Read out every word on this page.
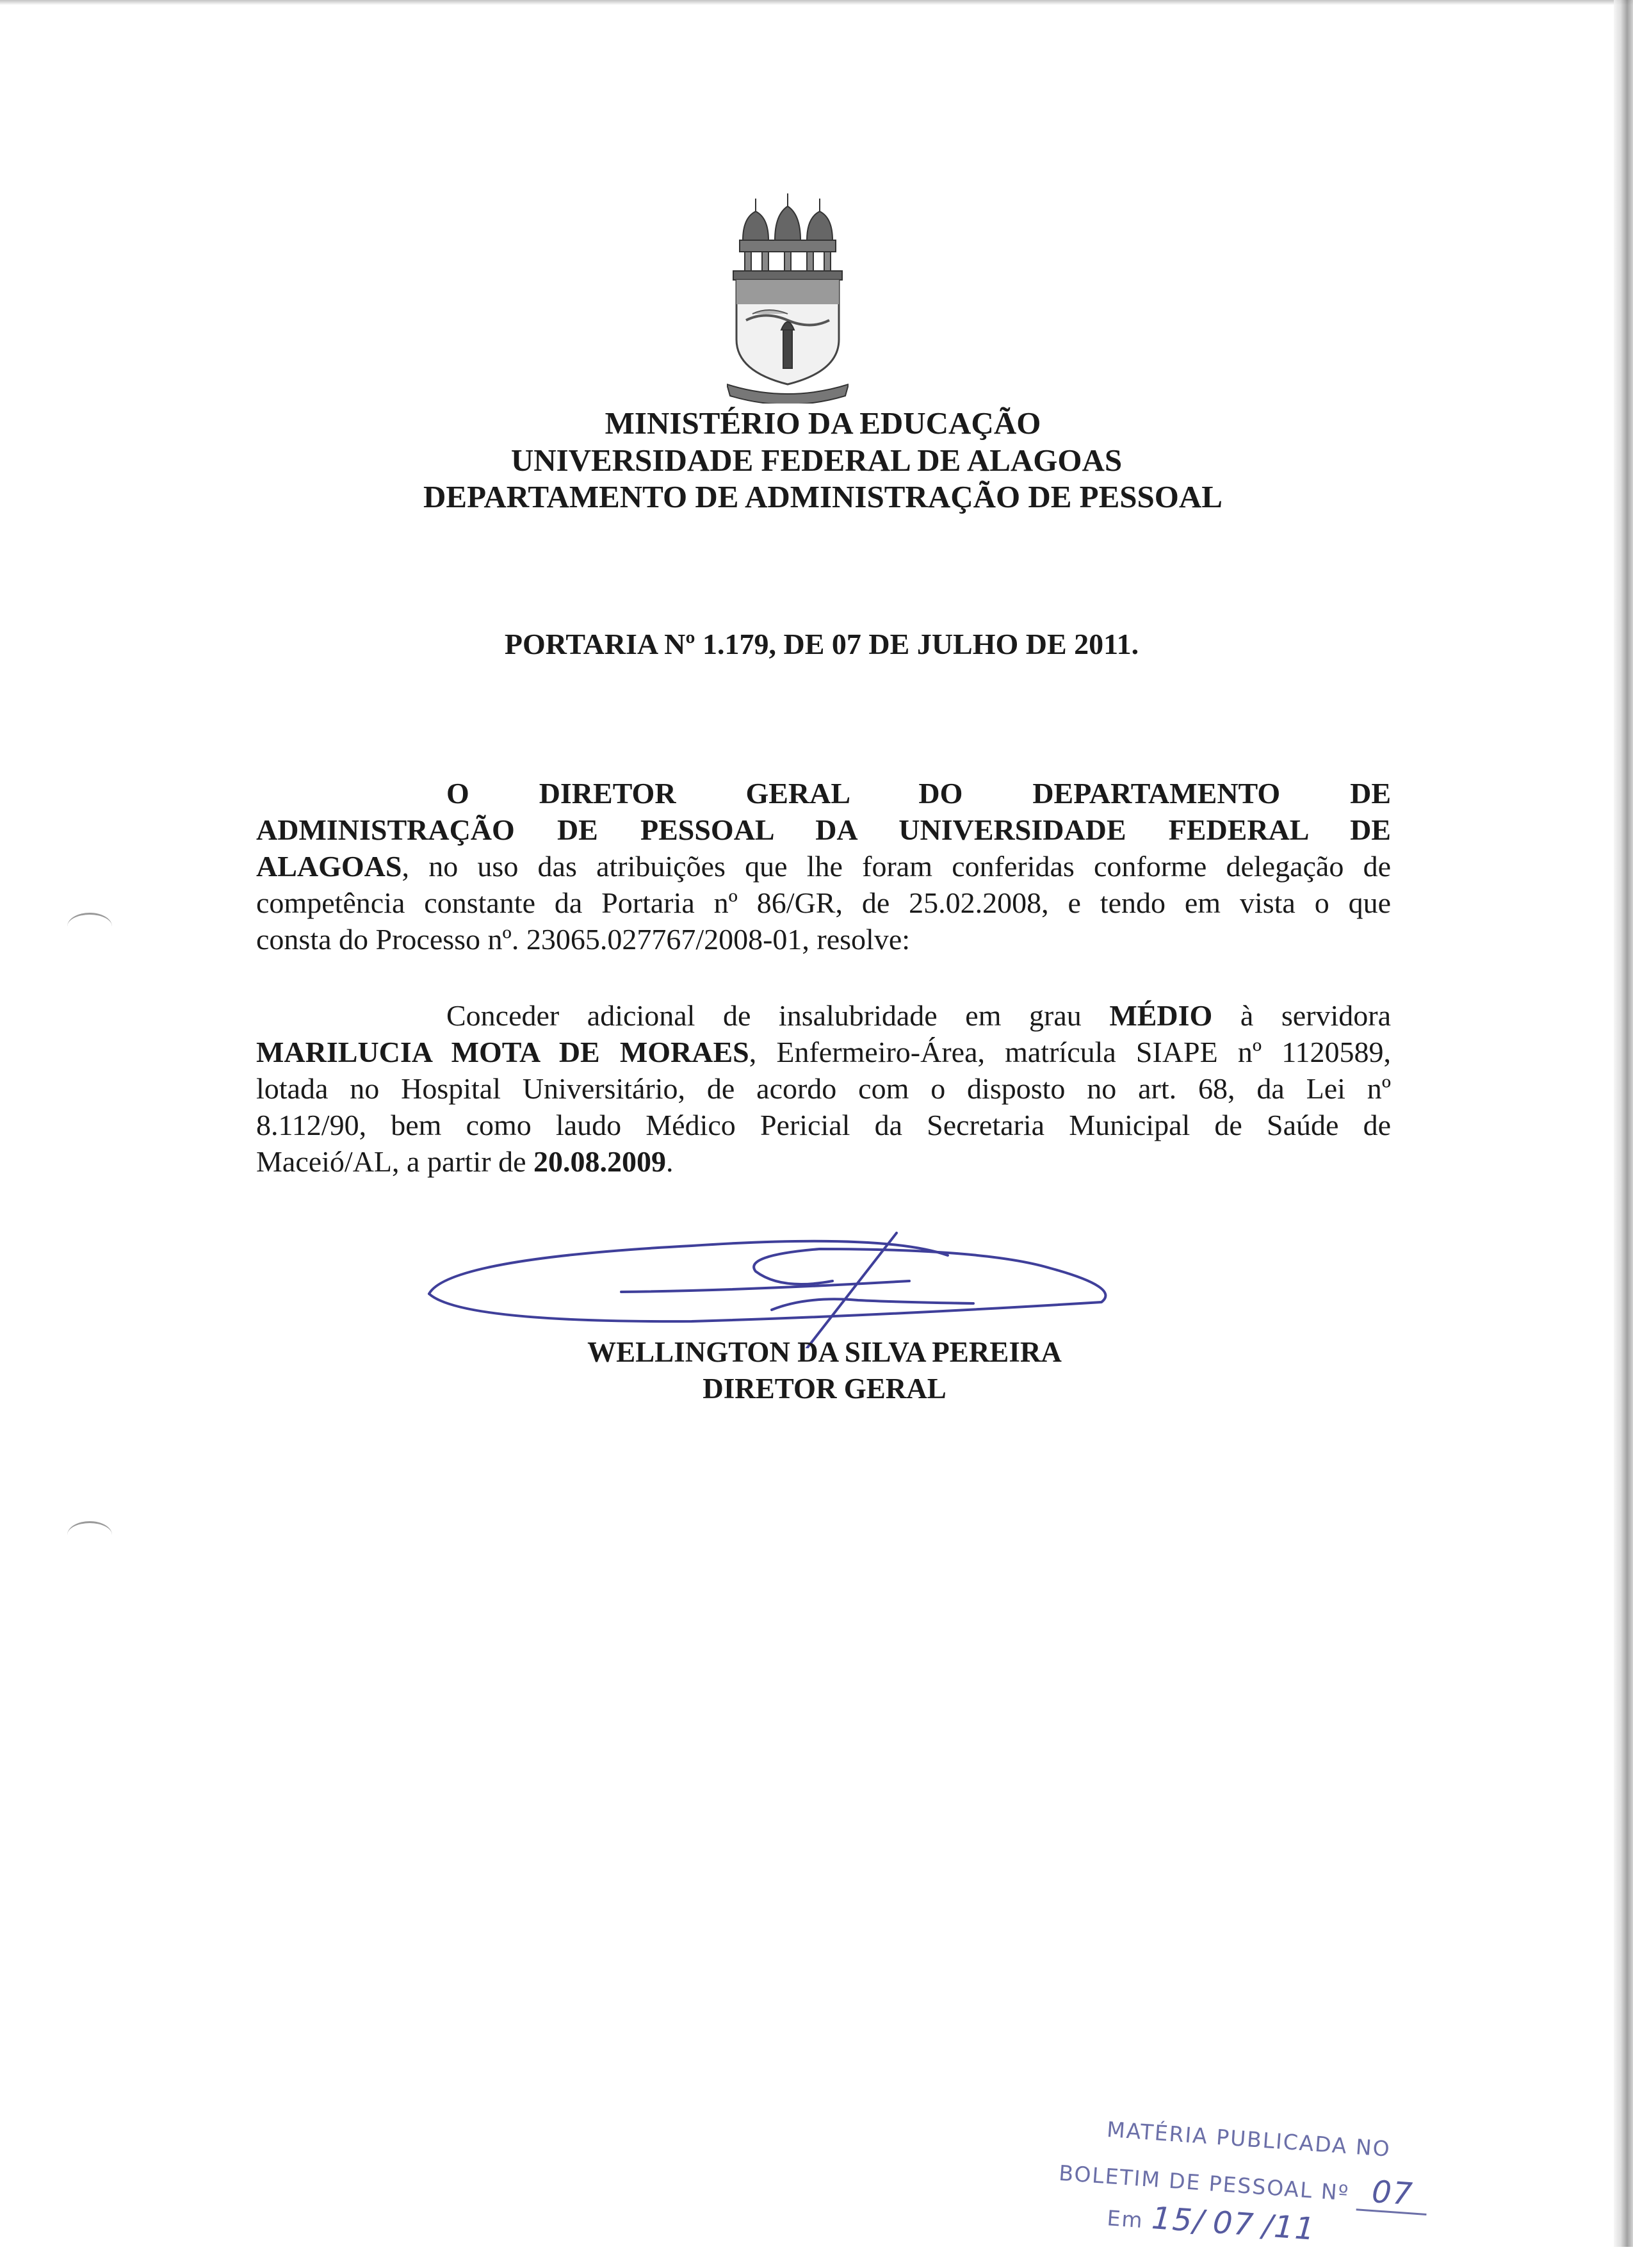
MINISTÉRIO DA EDUCAÇÃO
UNIVERSIDADE FEDERAL DE ALAGOAS
DEPARTAMENTO DE ADMINISTRAÇÃO DE PESSOAL
PORTARIA Nº 1.179, DE 07 DE JULHO DE 2011.
O DIRETOR GERAL DO DEPARTAMENTO DE
ADMINISTRAÇÃO DE PESSOAL DA UNIVERSIDADE FEDERAL DE
ALAGOAS, no uso das atribuições que lhe foram conferidas conforme delegação de
competência constante da Portaria nº 86/GR, de 25.02.2008, e tendo em vista o que
consta do Processo nº. 23065.027767/2008-01, resolve:
Conceder adicional de insalubridade em grau MÉDIO à servidora
MARILUCIA MOTA DE MORAES, Enfermeiro-Área, matrícula SIAPE nº 1120589,
lotada no Hospital Universitário, de acordo com o disposto no art. 68, da Lei nº
8.112/90, bem como laudo Médico Pericial da Secretaria Municipal de Saúde de
Maceió/AL, a partir de 20.08.2009.

WELLINGTON DA SILVA PEREIRA

DIRETOR GERAL

MATÉRIA PUBLICADA NO
BOLETIM DE PESSOAL Nº 07
Em 15/ 07 /11
